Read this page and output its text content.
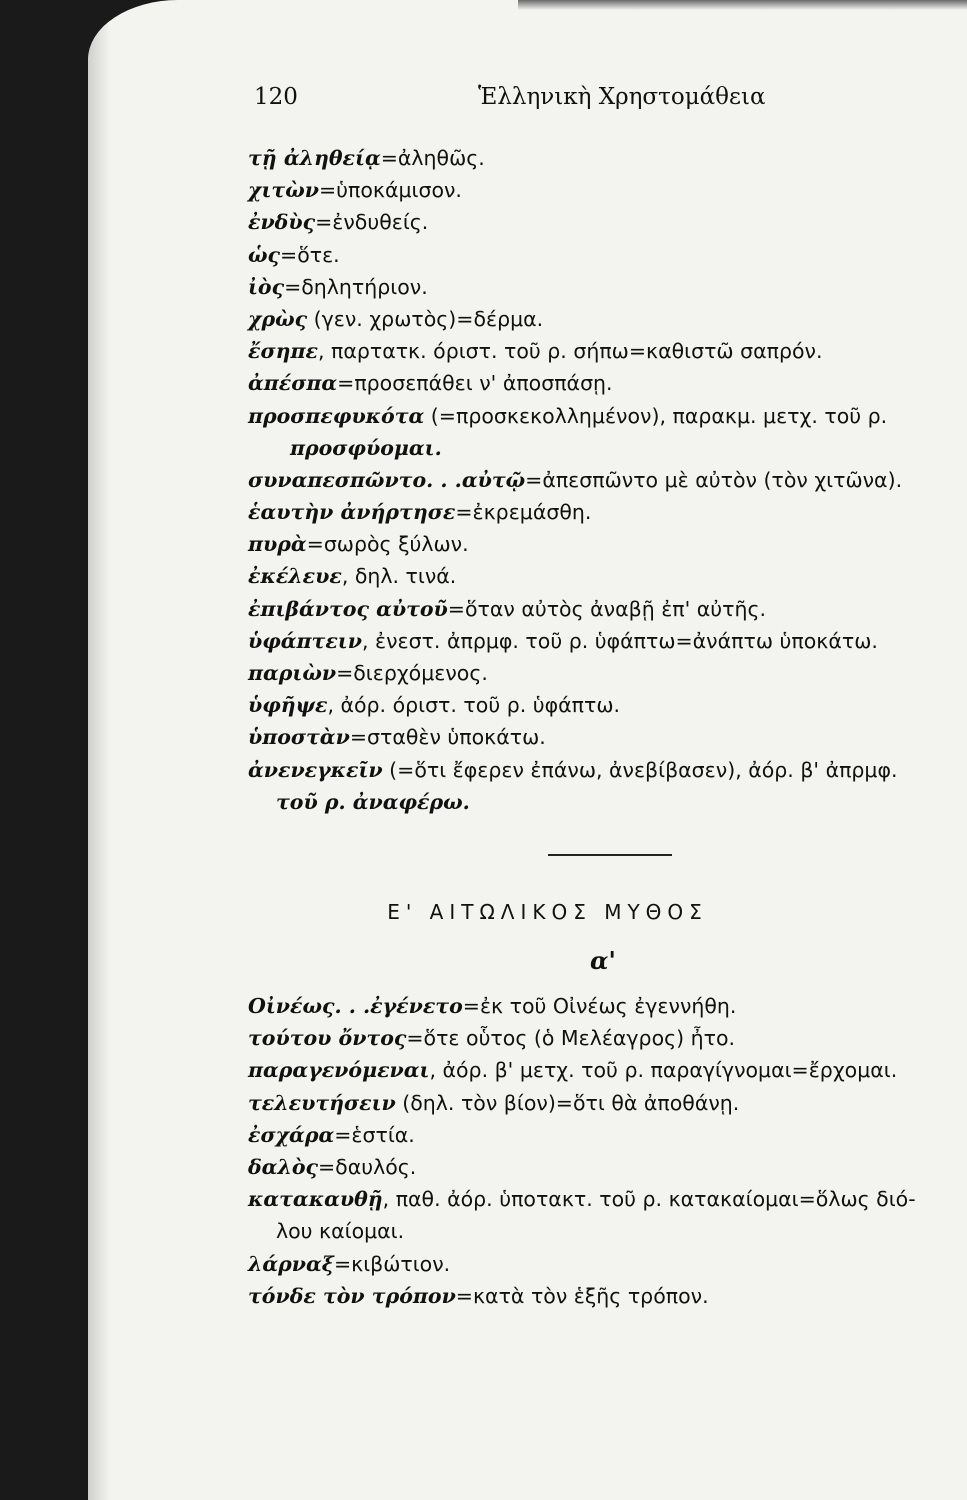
120	Ἑλληνικὴ Χρηστομάθεια
τῇ ἀληθείᾳ=ἀληθῶς.
χιτὼν=ὑποκάμισον.
ἐνδὺς=ἐνδυθείς.
ὡς=ὅτε.
ἰὸς=δηλητήριον.
χρὼς (γεν. χρωτὸς)=δέρμα.
ἔσηπε, παρτατκ. όριστ. τοῦ ρ. σήπω=καθιστῶ σαπρόν.
ἀπέσπα=προσεπάθει ν' ἀποσπάσῃ.
προσπεφυκότα (=προσκεκολλημένον), παρακμ. μετχ. τοῦ ρ.
προσφύομαι.
συναπεσπῶντο. . .αὐτῷ=ἀπεσπῶντο μὲ αὐτὸν (τὸν χιτῶνα).
ἑαυτὴν ἀνήρτησε=ἐκρεμάσθη.
πυρὰ=σωρὸς ξύλων.
ἐκέλευε, δηλ. τινά.
ἐπιβάντος αὐτοῦ=ὅταν αὐτὸς ἀναβῇ ἐπ' αὐτῆς.
ὑφάπτειν, ἐνεστ. ἀπρμφ. τοῦ ρ. ὑφάπτω=ἀνάπτω ὑποκάτω.
παριὼν=διερχόμενος.
ὑφῆψε, ἀόρ. όριστ. τοῦ ρ. ὑφάπτω.
ὑποστὰν=σταθὲν ὑποκάτω.
ἀνενεγκεῖν (=ὅτι ἔφερεν ἐπάνω, ἀνεβίβασεν), ἀόρ. β' ἀπρμφ.
τοῦ ρ. ἀναφέρω.
Ε' ΑΙΤΩΛΙΚΟΣ ΜΥΘΟΣ
α'
Οἰνέως. . .ἐγένετο=ἐκ τοῦ Οἰνέως ἐγεννήθη.
τούτου ὄντος=ὅτε οὗτος (ὁ Μελέαγρος) ἦτο.
παραγενόμεναι, ἀόρ. β' μετχ. τοῦ ρ. παραγίγνομαι=ἔρχομαι.
τελευτήσειν (δηλ. τὸν βίον)=ὅτι θὰ ἀποθάνῃ.
ἐσχάρα=ἑστία.
δαλὸς=δαυλός.
κατακαυθῇ, παθ. ἀόρ. ὑποτακτ. τοῦ ρ. κατακαίομαι=ὅλως διό-
λου καίομαι.
λάρναξ=κιβώτιον.
τόνδε τὸν τρόπον=κατὰ τὸν ἑξῆς τρόπον.
